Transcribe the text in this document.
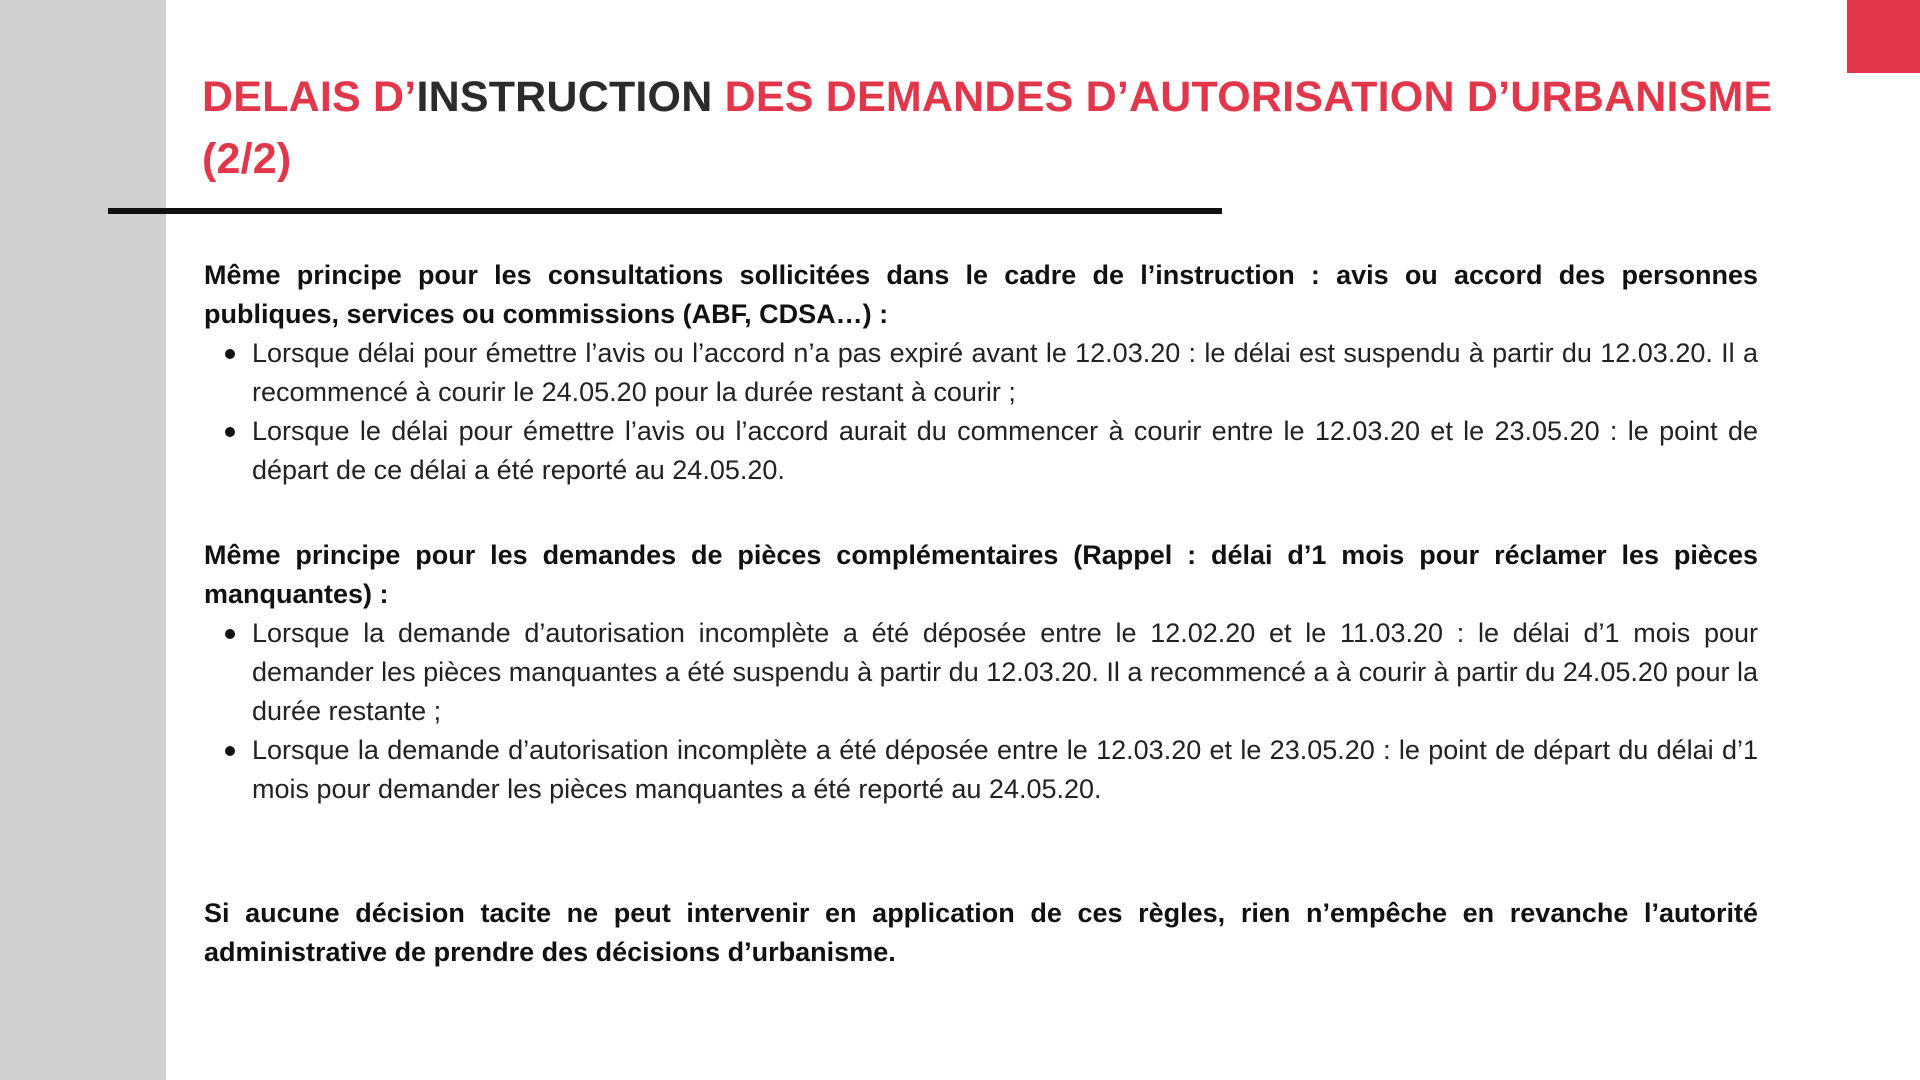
DELAIS D’INSTRUCTION DES DEMANDES D’AUTORISATION D’URBANISME (2/2)

Même principe pour les consultations sollicitées dans le cadre de l’instruction : avis ou accord des personnes publiques, services ou commissions (ABF, CDSA…) :

Lorsque délai pour émettre l’avis ou l’accord n’a pas expiré avant le 12.03.20 : le délai est suspendu à partir du 12.03.20. Il a recommencé à courir le 24.05.20 pour la durée restant à courir ;
Lorsque le délai pour émettre l’avis ou l’accord aurait du commencer à courir entre le 12.03.20 et le 23.05.20 : le point de départ de ce délai a été reporté au 24.05.20.

Même principe pour les demandes de pièces complémentaires (Rappel : délai d’1 mois pour réclamer les pièces manquantes) :

Lorsque la demande d’autorisation incomplète a été déposée entre le 12.02.20 et le 11.03.20 : le délai d’1 mois pour demander les pièces manquantes a été suspendu à partir du 12.03.20. Il a recommencé a à courir à partir du 24.05.20 pour la durée restante ;
Lorsque la demande d’autorisation incomplète a été déposée entre le 12.03.20 et le 23.05.20 : le point de départ du délai d’1 mois pour demander les pièces manquantes a été reporté au 24.05.20.

Si aucune décision tacite ne peut intervenir en application de ces règles, rien n’empêche en revanche l’autorité administrative de prendre des décisions d’urbanisme.
